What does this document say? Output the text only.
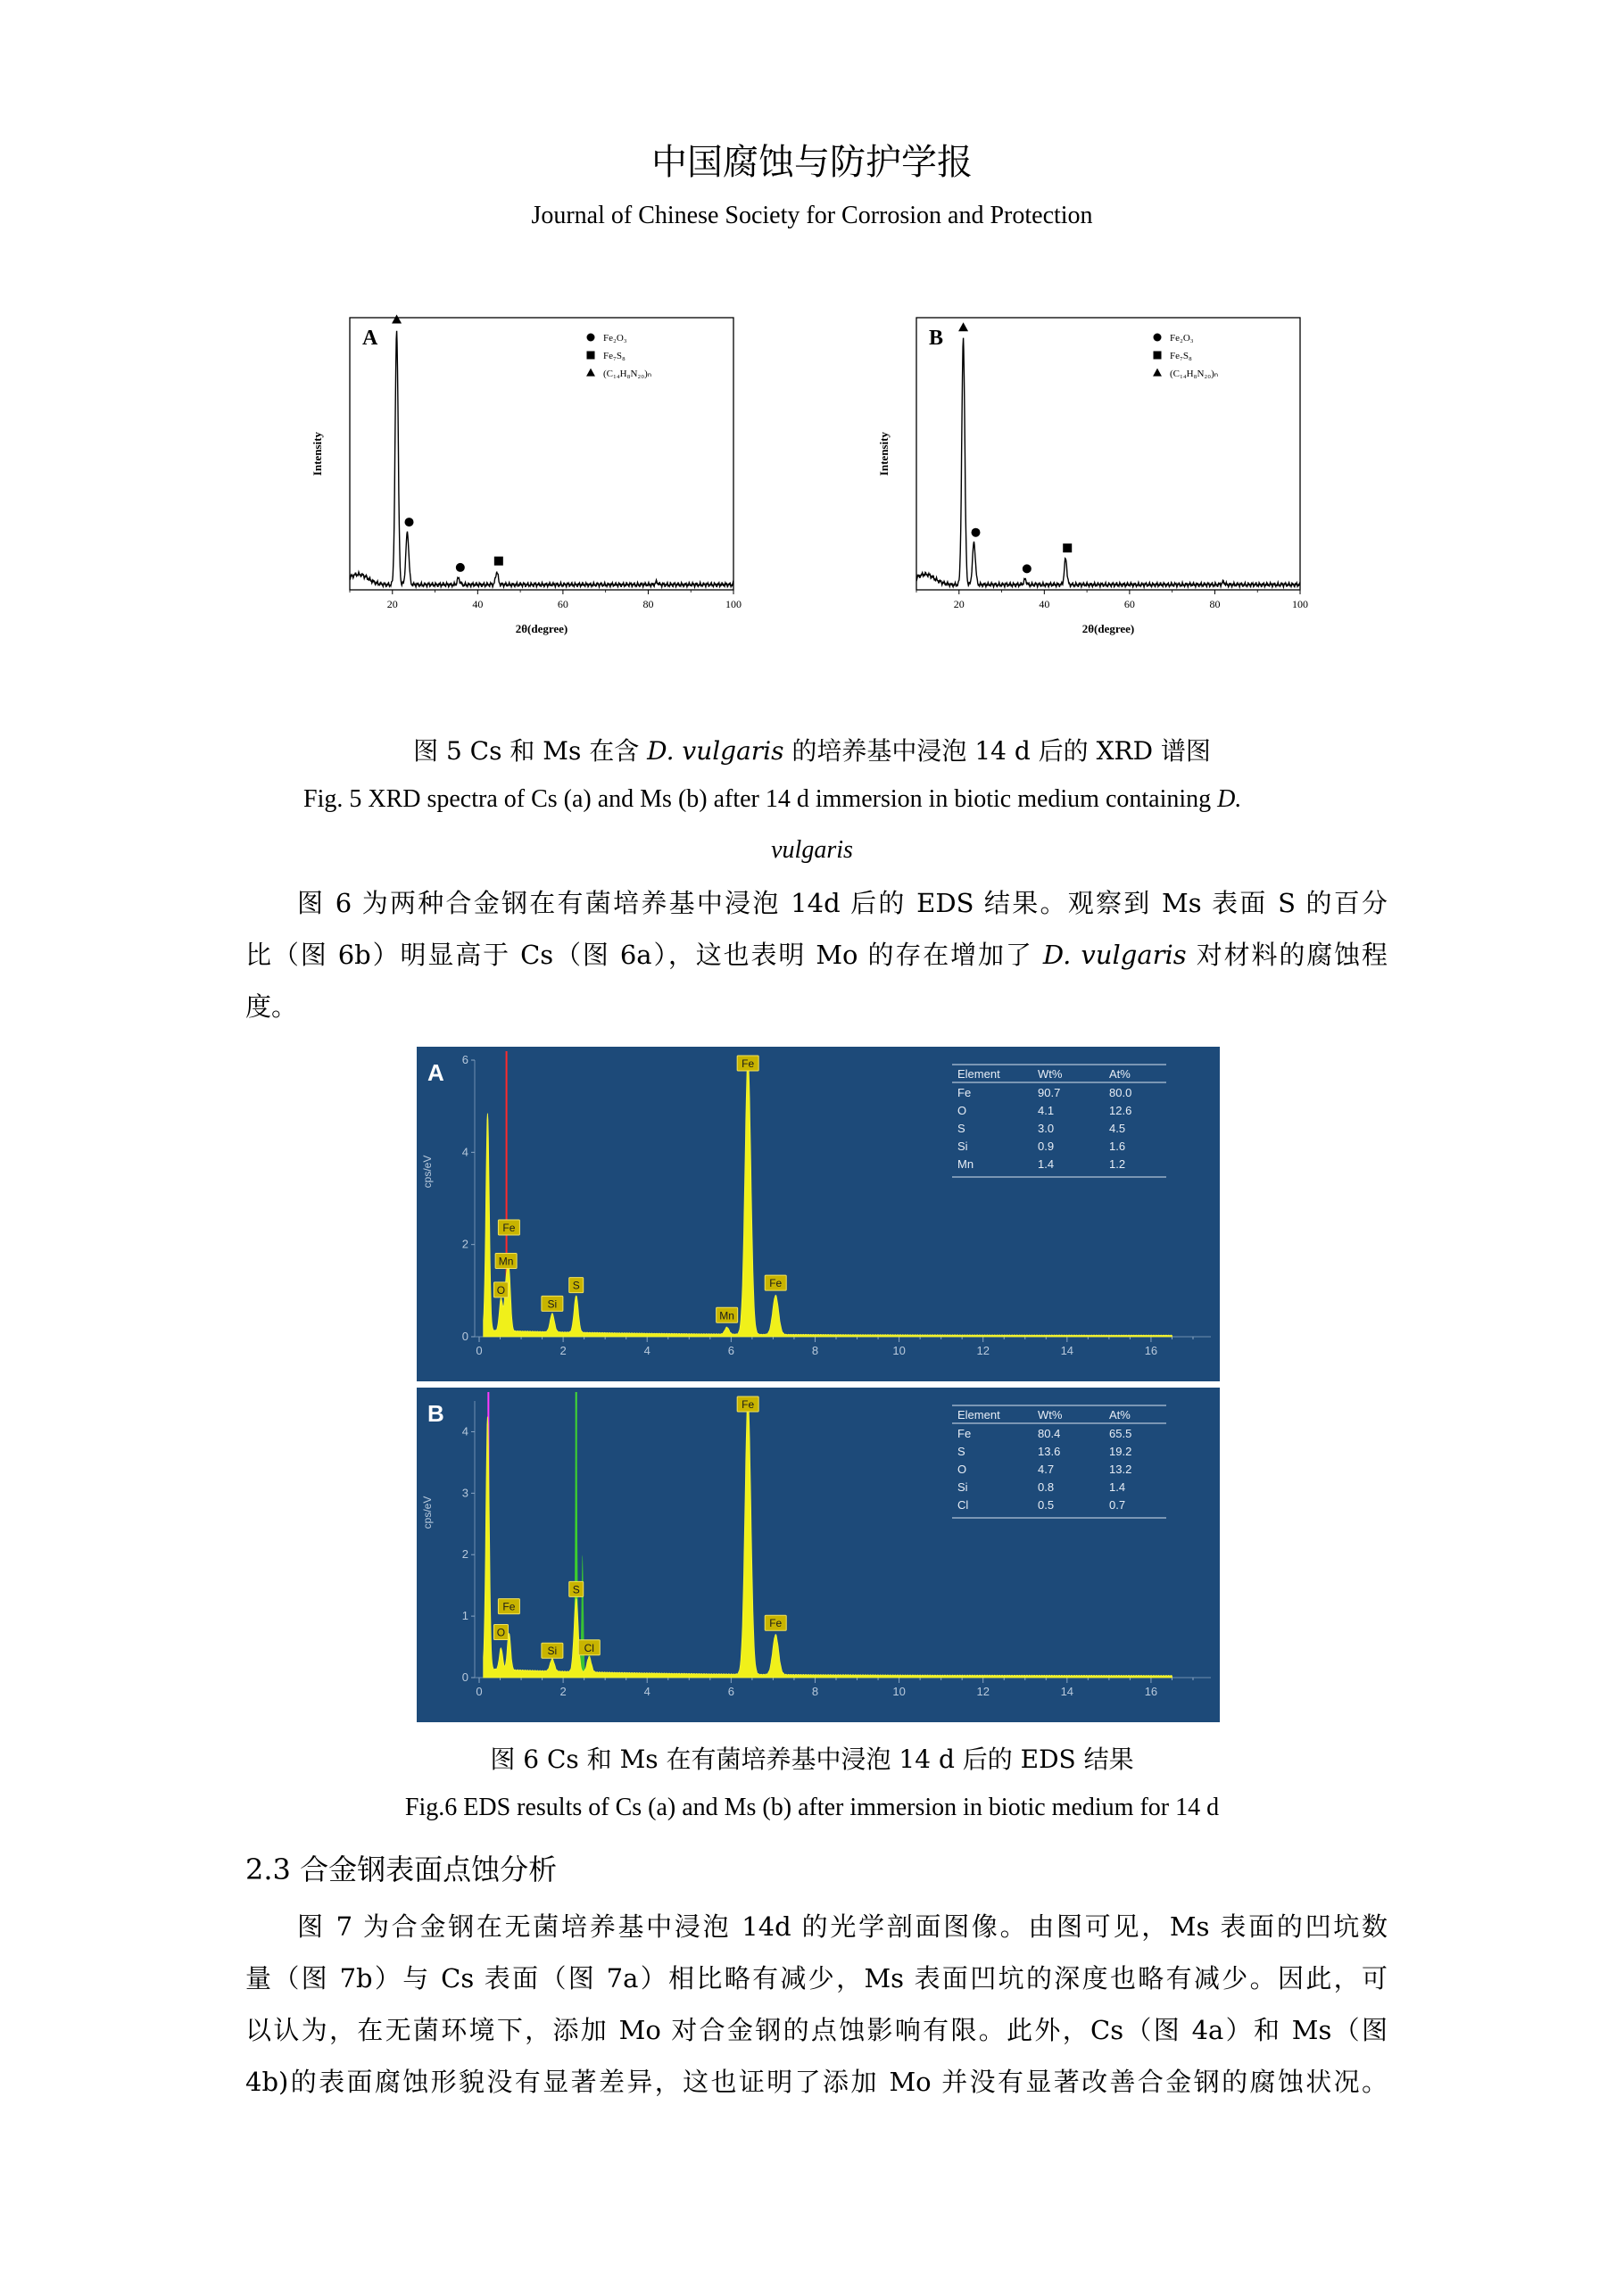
中国腐蚀与防护学报
Journal of Chinese Society for Corrosion and Protection
20	40	60	80	100
2θ(degree)
Intensity
A	Fe₂O₃
Fe₇S₈
(C₁₄H₈N₂₀)ₙ
20	40	60	80	100
2θ(degree)
Intensity
B	Fe₂O₃
Fe₇S₈
(C₁₄H₈N₂₀)ₙ
图 5 Cs 和 Ms 在含 D. vulgaris 的培养基中浸泡 14 d 后的 XRD 谱图
Fig. 5 XRD spectra of Cs (a) and Ms (b) after 14 d immersion in biotic medium containing D.
vulgaris
图 6 为两种合金钢在有菌培养基中浸泡 14d 后的 EDS 结果。观察到 Ms 表面 S 的百分
比（图 6b）明显高于 Cs（图 6a），这也表明 Mo 的存在增加了 D. vulgaris 对材料的腐蚀程
度。
0	2	4	6	8	10	12	14	16
0
2
4
6
cps/eV
A
O
Mn
Fe
Si
S
Mn
Fe
Fe
Element	Wt%	At%
Fe	90.7	80.0
O	4.1	12.6
S	3.0	4.5
Si	0.9	1.6
Mn	1.4	1.2
0	2	4	6	8	10	12	14	16
0
1
2
3
4
cps/eV
B
O
Fe
Si
S
Cl
Fe
Fe
Element	Wt%	At%
Fe	80.4	65.5
S	13.6	19.2
O	4.7	13.2
Si	0.8	1.4
Cl	0.5	0.7
图 6 Cs 和 Ms 在有菌培养基中浸泡 14 d 后的 EDS 结果
Fig.6 EDS results of Cs (a) and Ms (b) after immersion in biotic medium for 14 d
2.3 合金钢表面点蚀分析
图 7 为合金钢在无菌培养基中浸泡 14d 的光学剖面图像。由图可见，Ms 表面的凹坑数
量（图 7b）与 Cs 表面（图 7a）相比略有减少，Ms 表面凹坑的深度也略有减少。因此，可
以认为，在无菌环境下，添加 Mo 对合金钢的点蚀影响有限。此外，Cs（图 4a）和 Ms（图
4b)的表面腐蚀形貌没有显著差异，这也证明了添加 Mo 并没有显著改善合金钢的腐蚀状况。
